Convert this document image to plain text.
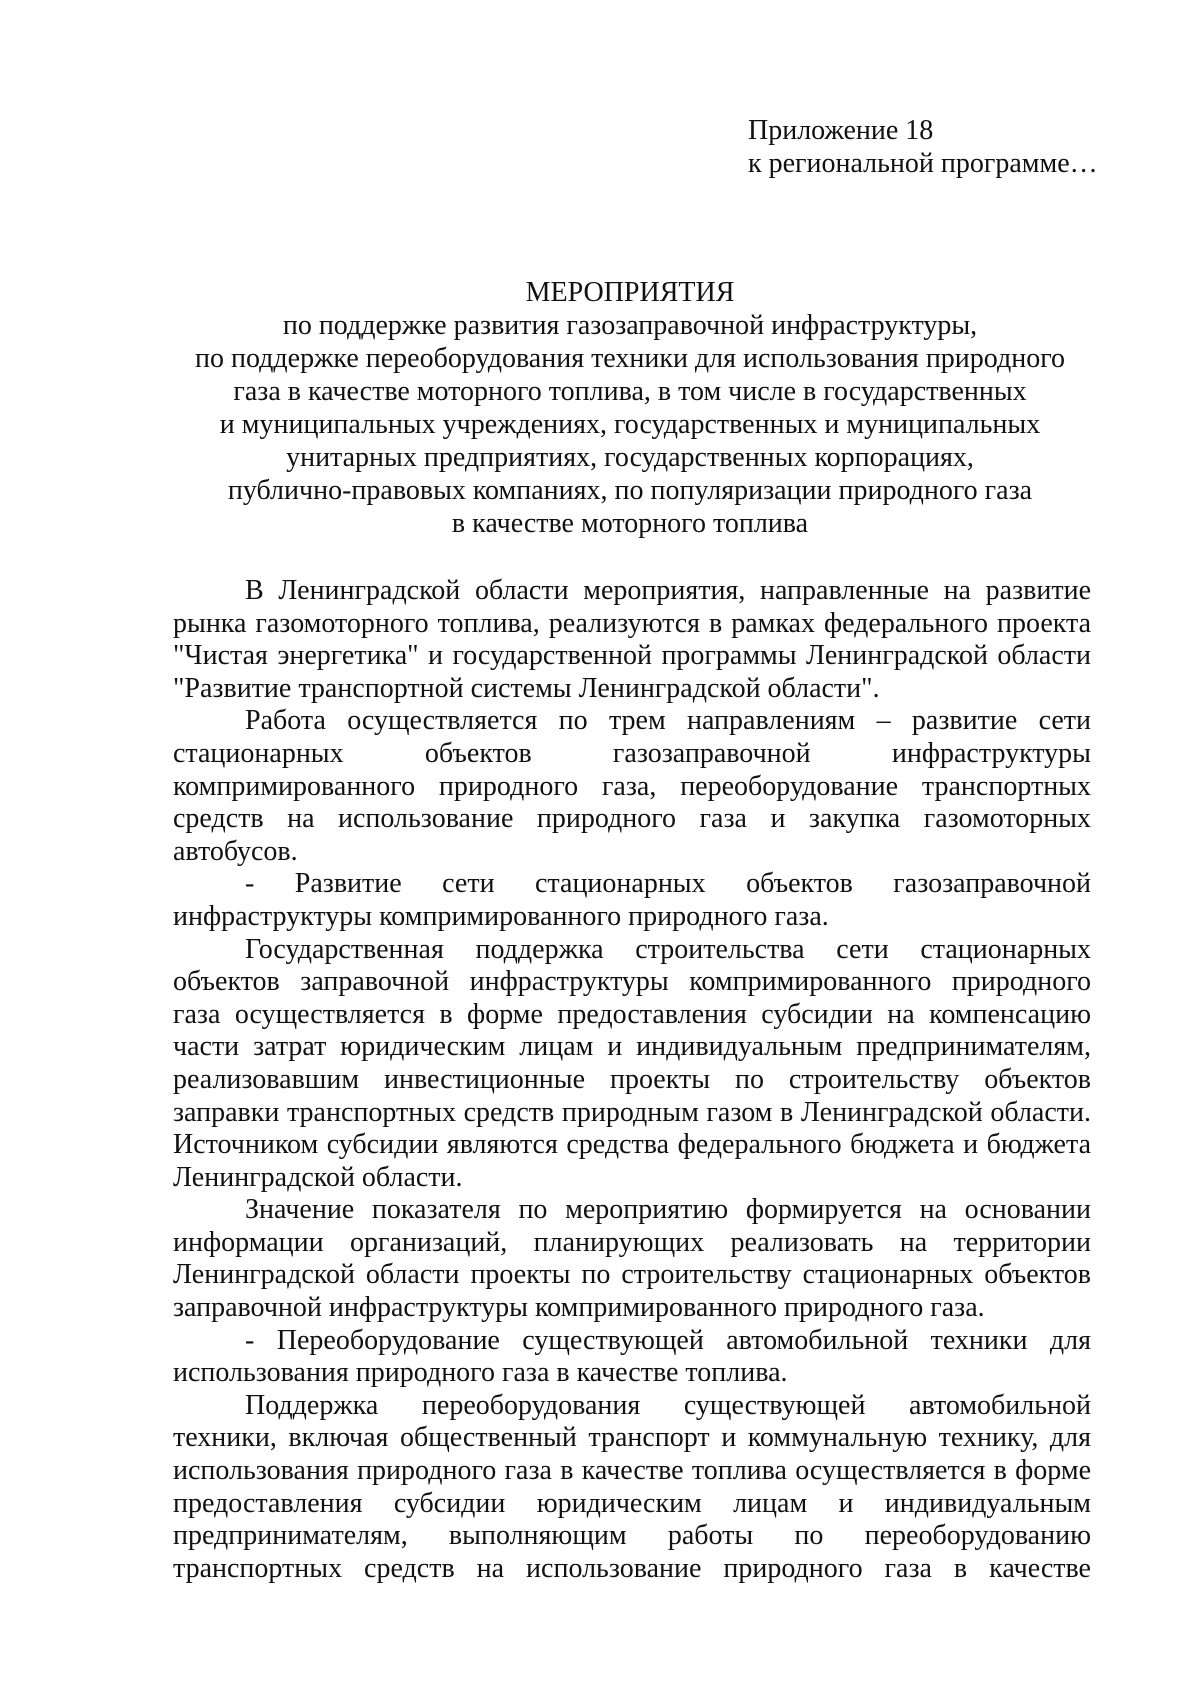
Приложение 18
к региональной программе…
МЕРОПРИЯТИЯ
по поддержке развития газозаправочной инфраструктуры,
по поддержке переоборудования техники для использования природного
газа в качестве моторного топлива, в том числе в государственных
и муниципальных учреждениях, государственных и муниципальных
унитарных предприятиях, государственных корпорациях,
публично-правовых компаниях, по популяризации природного газа
в качестве моторного топлива

В Ленинградской области мероприятия, направленные на развитие рынка газомоторного топлива, реализуются в рамках федерального проекта "Чистая энергетика" и государственной программы Ленинградской области "Развитие транспортной системы Ленинградской области".

Работа осуществляется по трем направлениям – развитие сети стационарных объектов газозаправочной инфраструктуры компримированного природного газа, переоборудование транспортных средств на использование природного газа и закупка газомоторных автобусов.

- Развитие сети стационарных объектов газозаправочной инфраструктуры компримированного природного газа.

Государственная поддержка строительства сети стационарных объектов заправочной инфраструктуры компримированного природного газа осуществляется в форме предоставления субсидии на компенсацию части затрат юридическим лицам и индивидуальным предпринимателям, реализовавшим инвестиционные проекты по строительству объектов заправки транспортных средств природным газом в Ленинградской области. Источником субсидии являются средства федерального бюджета и бюджета Ленинградской области.

Значение показателя по мероприятию формируется на основании информации организаций, планирующих реализовать на территории Ленинградской области проекты по строительству стационарных объектов заправочной инфраструктуры компримированного природного газа.

- Переоборудование существующей автомобильной техники для использования природного газа в качестве топлива.

Поддержка переоборудования существующей автомобильной техники, включая общественный транспорт и коммунальную технику, для использования природного газа в качестве топлива осуществляется в форме предоставления субсидии юридическим лицам и индивидуальным предпринимателям, выполняющим работы по переоборудованию транспортных средств на использование природного газа в качестве
